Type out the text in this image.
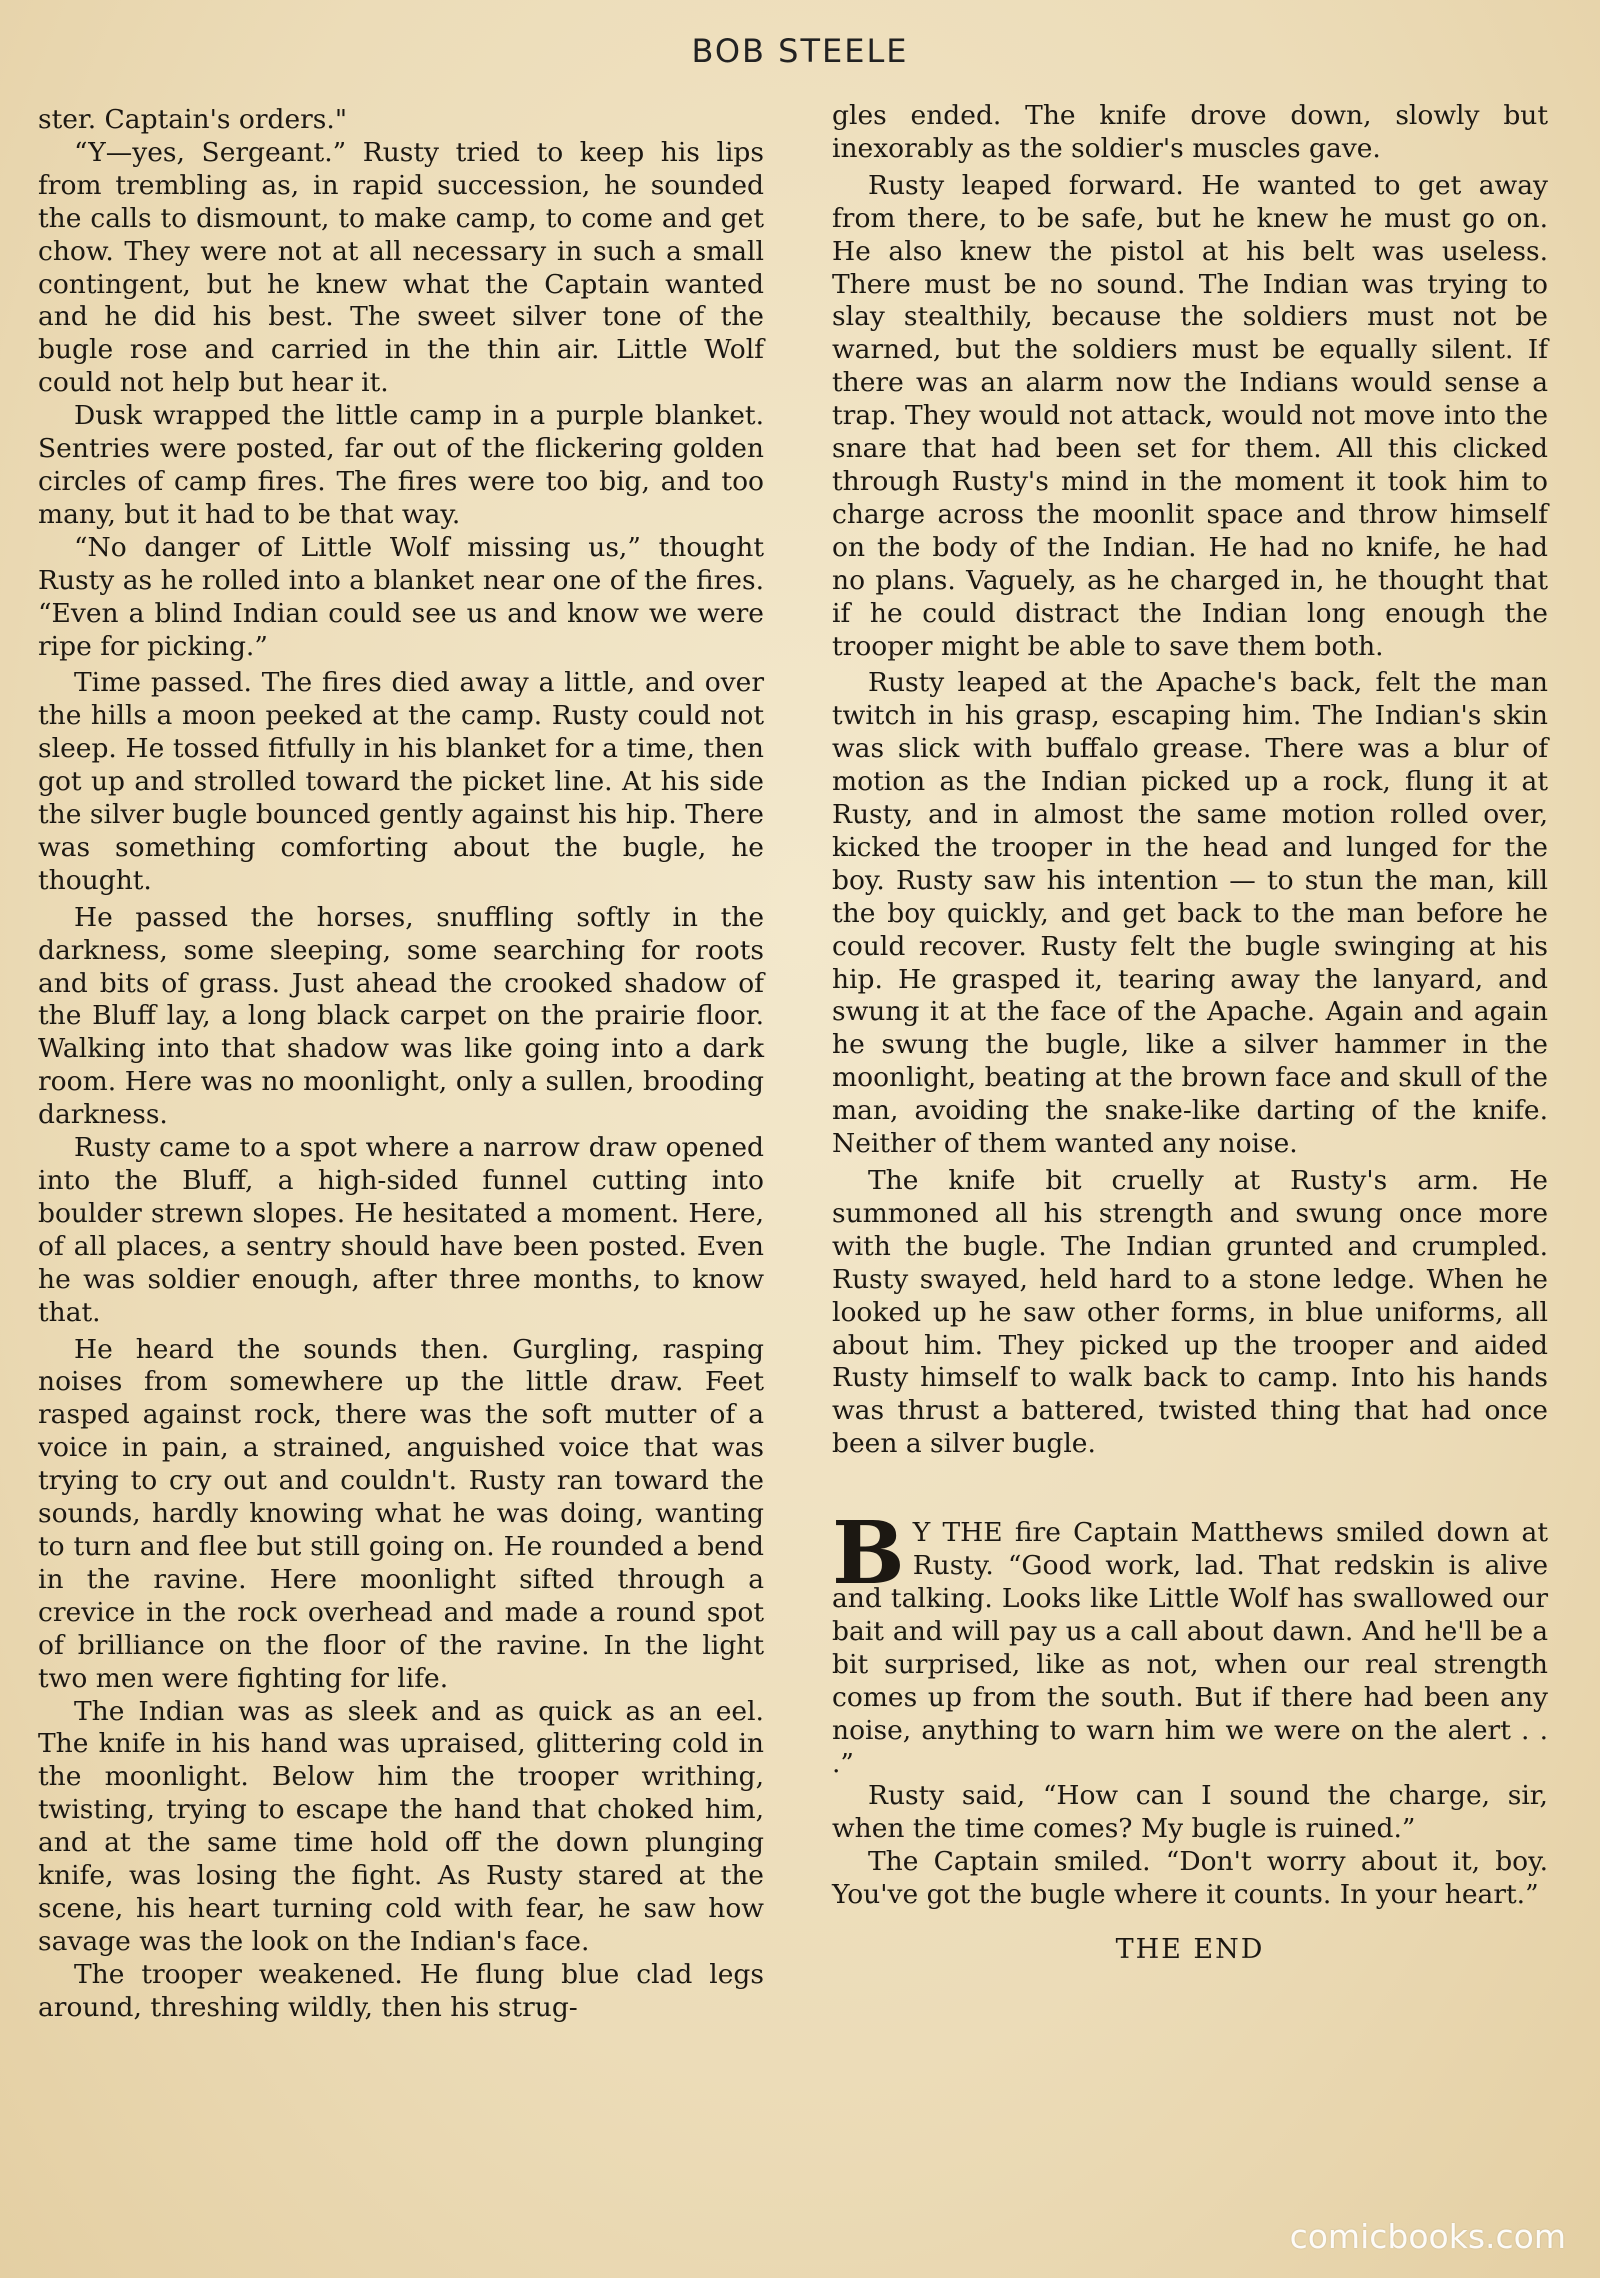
BOB STEELE

ster. Captain's orders."

“Y—yes, Sergeant.” Rusty tried to keep his lips from trembling as, in rapid succession, he sounded the calls to dismount, to make camp, to come and get chow. They were not at all necessary in such a small contingent, but he knew what the Captain wanted and he did his best. The sweet silver tone of the bugle rose and carried in the thin air. Little Wolf could not help but hear it.

Dusk wrapped the little camp in a purple blanket. Sentries were posted, far out of the flickering golden circles of camp fires. The fires were too big, and too many, but it had to be that way.

“No danger of Little Wolf missing us,” thought Rusty as he rolled into a blanket near one of the fires. “Even a blind Indian could see us and know we were ripe for picking.”

Time passed. The fires died away a little, and over the hills a moon peeked at the camp. Rusty could not sleep. He tossed fitfully in his blanket for a time, then got up and strolled toward the picket line. At his side the silver bugle bounced gently against his hip. There was something comforting about the bugle, he thought.

He passed the horses, snuffling softly in the darkness, some sleeping, some searching for roots and bits of grass. Just ahead the crooked shadow of the Bluff lay, a long black carpet on the prairie floor. Walking into that shadow was like going into a dark room. Here was no moonlight, only a sullen, brooding darkness.

Rusty came to a spot where a narrow draw opened into the Bluff, a high-sided funnel cutting into boulder strewn slopes. He hesitated a moment. Here, of all places, a sentry should have been posted. Even he was soldier enough, after three months, to know that.

He heard the sounds then. Gurgling, rasping noises from somewhere up the little draw. Feet rasped against rock, there was the soft mutter of a voice in pain, a strained, anguished voice that was trying to cry out and couldn't. Rusty ran toward the sounds, hardly knowing what he was doing, wanting to turn and flee but still going on. He rounded a bend in the ravine. Here moonlight sifted through a crevice in the rock overhead and made a round spot of brilliance on the floor of the ravine. In the light two men were fighting for life.

The Indian was as sleek and as quick as an eel. The knife in his hand was upraised, glittering cold in the moonlight. Below him the trooper writhing, twisting, trying to escape the hand that choked him, and at the same time hold off the down plunging knife, was losing the fight. As Rusty stared at the scene, his heart turning cold with fear, he saw how savage was the look on the Indian's face.

The trooper weakened. He flung blue clad legs around, threshing wildly, then his strug-

gles ended. The knife drove down, slowly but inexorably as the soldier's muscles gave.

Rusty leaped forward. He wanted to get away from there, to be safe, but he knew he must go on. He also knew the pistol at his belt was useless. There must be no sound. The Indian was trying to slay stealthily, because the soldiers must not be warned, but the soldiers must be equally silent. If there was an alarm now the Indians would sense a trap. They would not attack, would not move into the snare that had been set for them. All this clicked through Rusty's mind in the moment it took him to charge across the moonlit space and throw himself on the body of the Indian. He had no knife, he had no plans. Vaguely, as he charged in, he thought that if he could distract the Indian long enough the trooper might be able to save them both.

Rusty leaped at the Apache's back, felt the man twitch in his grasp, escaping him. The Indian's skin was slick with buffalo grease. There was a blur of motion as the Indian picked up a rock, flung it at Rusty, and in almost the same motion rolled over, kicked the trooper in the head and lunged for the boy. Rusty saw his intention — to stun the man, kill the boy quickly, and get back to the man before he could recover. Rusty felt the bugle swinging at his hip. He grasped it, tearing away the lanyard, and swung it at the face of the Apache. Again and again he swung the bugle, like a silver hammer in the moonlight, beating at the brown face and skull of the man, avoiding the snake-like darting of the knife. Neither of them wanted any noise.

The knife bit cruelly at Rusty's arm. He summoned all his strength and swung once more with the bugle. The Indian grunted and crumpled. Rusty swayed, held hard to a stone ledge. When he looked up he saw other forms, in blue uniforms, all about him. They picked up the trooper and aided Rusty himself to walk back to camp. Into his hands was thrust a battered, twisted thing that had once been a silver bugle.

B Y THE fire Captain Matthews smiled down at Rusty. “Good work, lad. That redskin is alive and talking. Looks like Little Wolf has swallowed our bait and will pay us a call about dawn. And he'll be a bit surprised, like as not, when our real strength comes up from the south. But if there had been any noise, anything to warn him we were on the alert . . .”

Rusty said, “How can I sound the charge, sir, when the time comes? My bugle is ruined.”

The Captain smiled. “Don't worry about it, boy. You've got the bugle where it counts. In your heart.”

THE END
comicbooks.com
